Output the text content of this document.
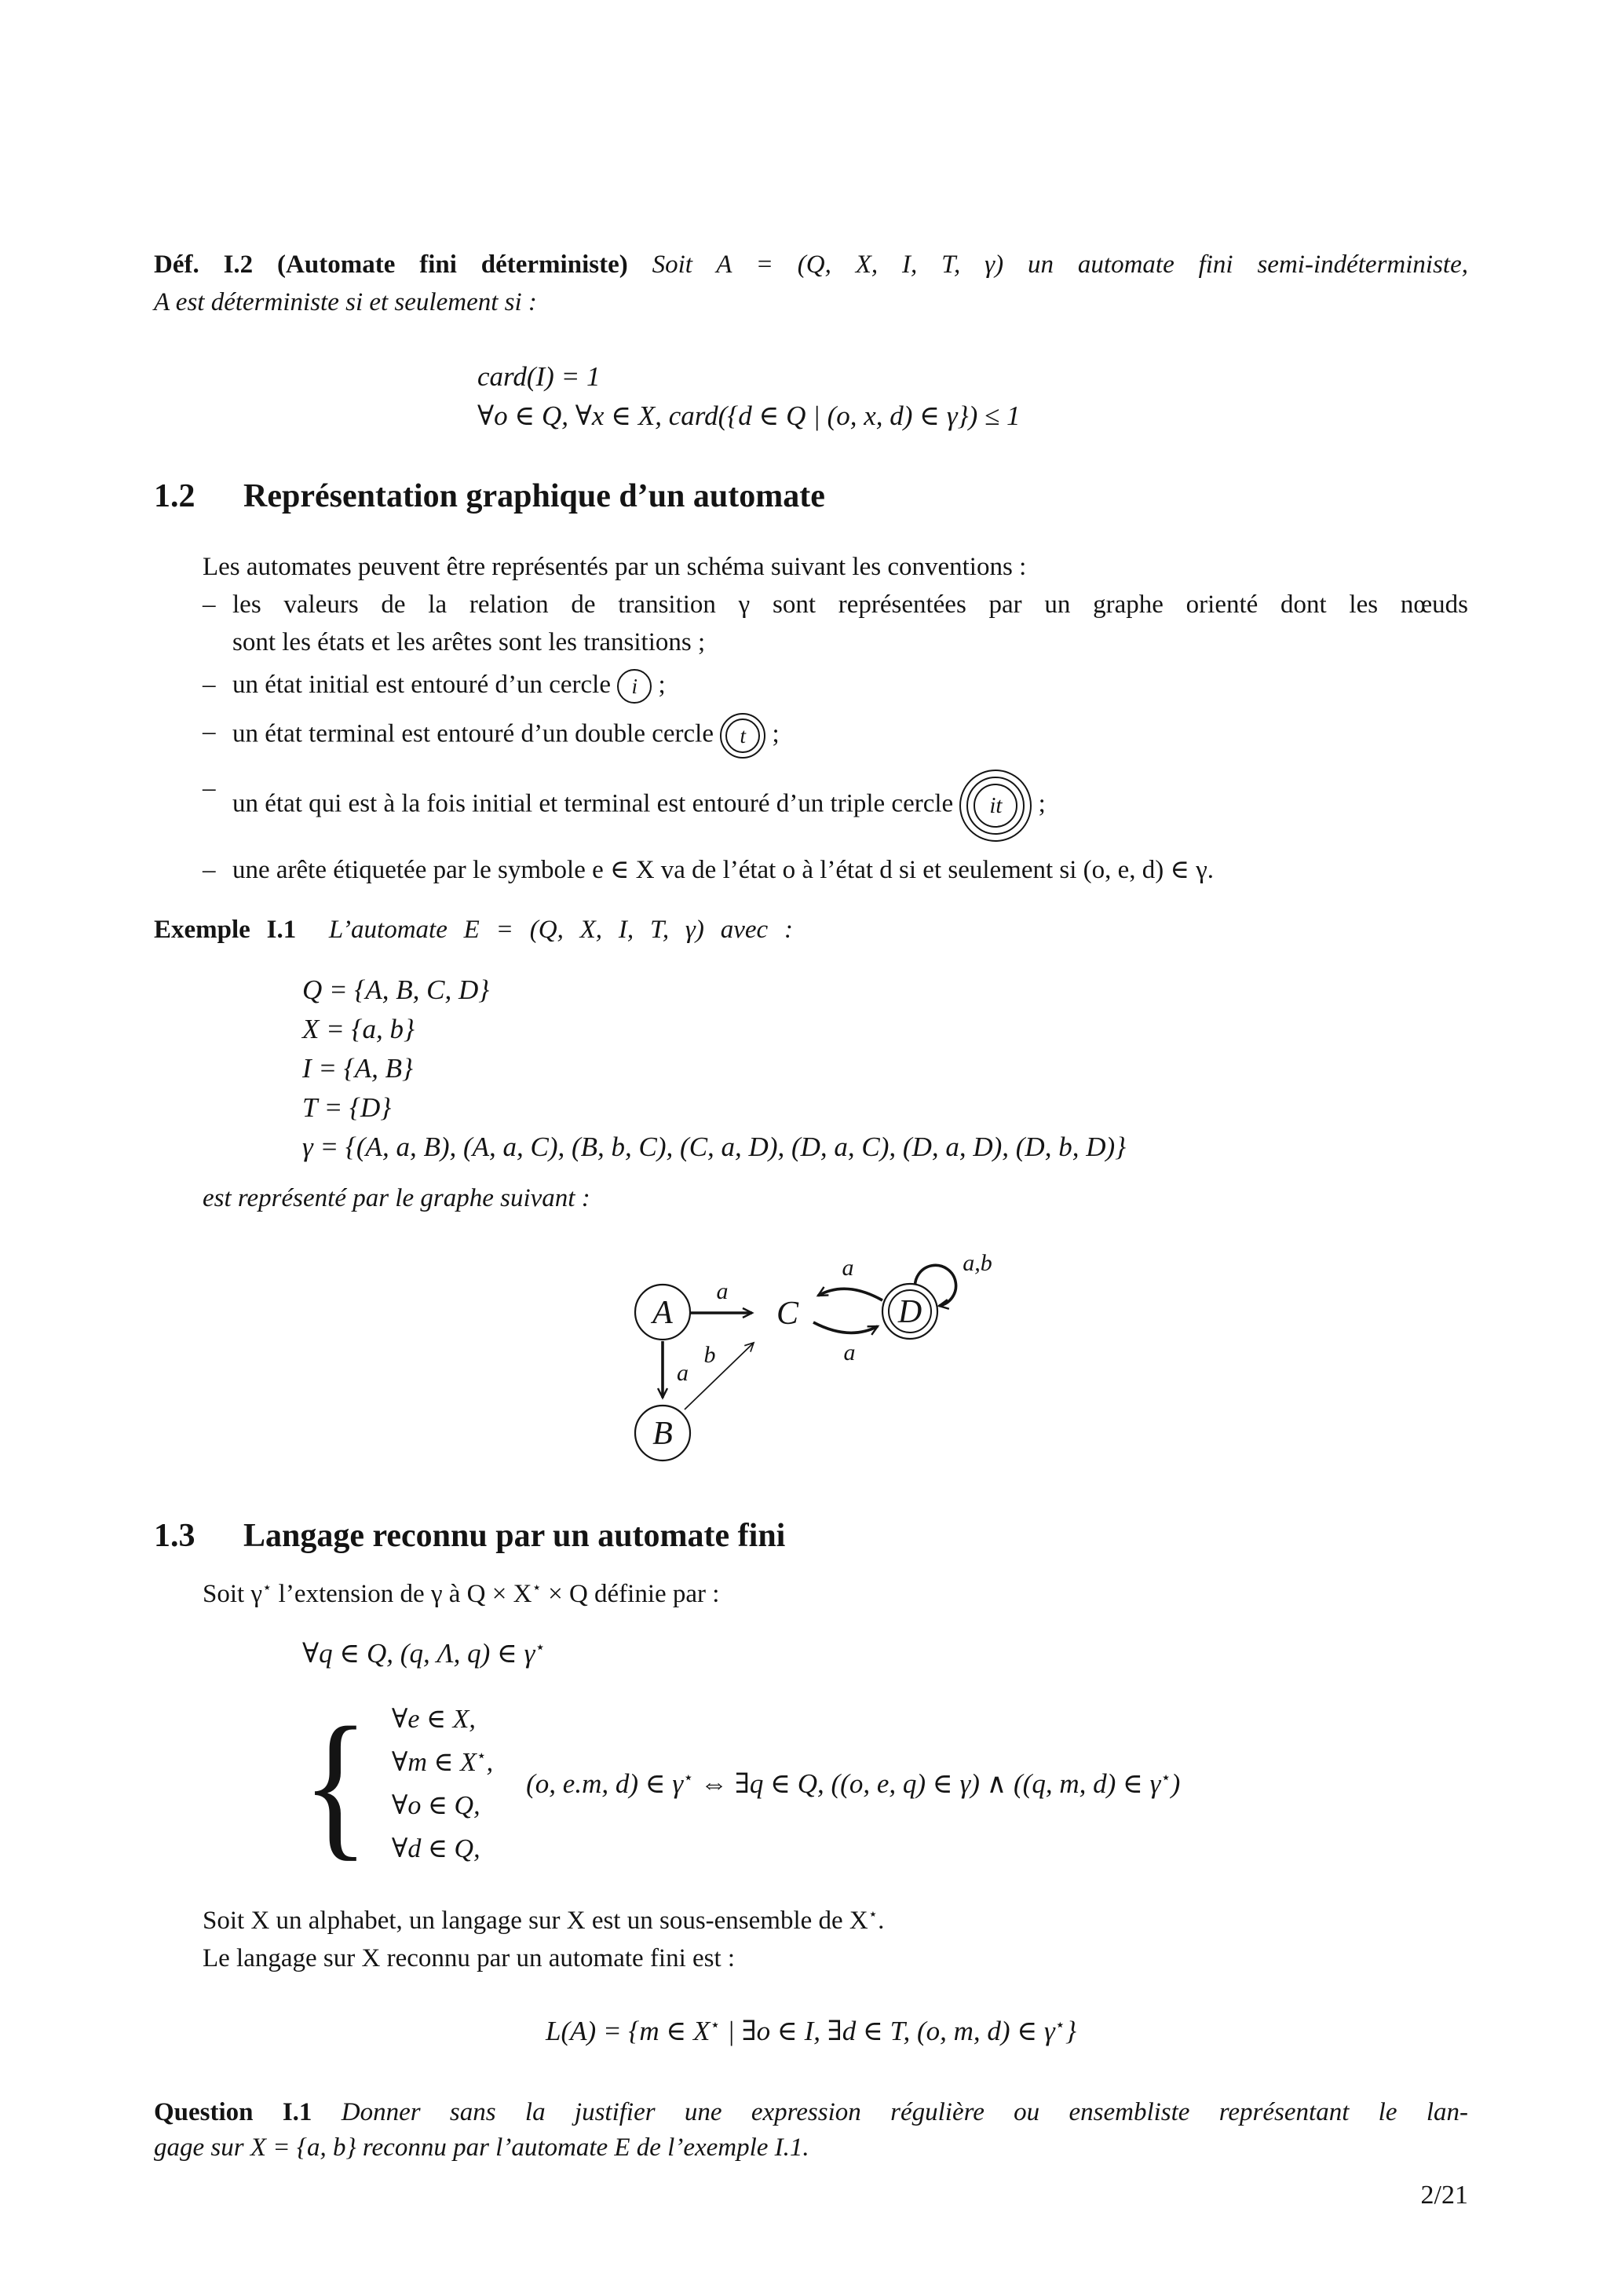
Déf. I.2 (Automate fini déterministe) Soit A = (Q, X, I, T, γ) un automate fini semi-indéterministe,
A est déterministe si et seulement si :
card(I) = 1
∀o ∈ Q, ∀x ∈ X, card({d ∈ Q | (o, x, d) ∈ γ}) ≤ 1
1.2	Représentation graphique d’un automate
Les automates peuvent être représentés par un schéma suivant les conventions :
– les valeurs de la relation de transition γ sont représentées par un graphe orienté dont les nœuds
sont les états et les arêtes sont les transitions ;
– un état initial est entouré d’un cercle i ;
– un état terminal est entouré d’un double cercle t ;
–
un état qui est à la fois initial et terminal est entouré d’un triple cercle it ;
– une arête étiquetée par le symbole e ∈ X va de l’état o à l’état d si et seulement si (o, e, d) ∈ γ.
Exemple I.1 L’automate E = (Q, X, I, T, γ) avec :
Q = {A, B, C, D}
X = {a, b}
I = {A, B}
T = {D}
γ = {(A, a, B), (A, a, C), (B, b, C), (C, a, D), (D, a, C), (D, a, D), (D, b, D)}
est représenté par le graphe suivant :
a
a
b
a
a
a,b
A
B
C	D
1.3	Langage reconnu par un automate fini
Soit γ⋆ l’extension de γ à Q × X⋆ × Q définie par :
∀q ∈ Q, (q, Λ, q) ∈ γ⋆
{ ∀e ∈ X,
∀m ∈ X⋆,
∀o ∈ Q,
∀d ∈ Q,
(o, e.m, d) ∈ γ⋆ ⇔ ∃q ∈ Q, ((o, e, q) ∈ γ) ∧ ((q, m, d) ∈ γ⋆)
Soit X un alphabet, un langage sur X est un sous-ensemble de X⋆.
Le langage sur X reconnu par un automate fini est :
L(A) = {m ∈ X⋆ | ∃o ∈ I, ∃d ∈ T, (o, m, d) ∈ γ⋆}
Question I.1 Donner sans la justifier une expression régulière ou ensembliste représentant le lan-
gage sur X = {a, b} reconnu par l’automate E de l’exemple I.1.
2/21
